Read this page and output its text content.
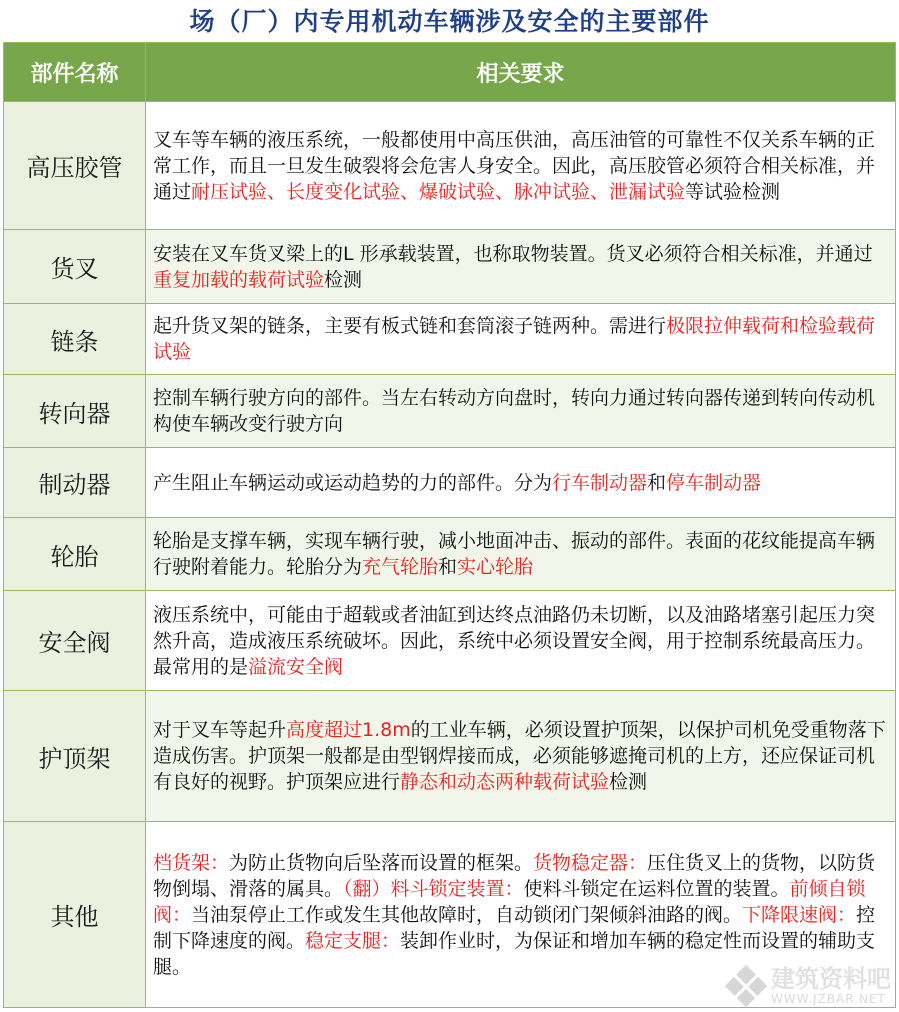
场（厂）内专用机动车辆涉及安全的主要部件
部件名称	相关要求
高压胶管	叉车等车辆的液压系统，一般都使用中高压供油，高压油管的可靠性不仅关系车辆的正常工作，而且一旦发生破裂将会危害人身安全。因此，高压胶管必须符合相关标准，并通过耐压试验、长度变化试验、爆破试验、脉冲试验、泄漏试验等试验检测
货叉	安装在叉车货叉梁上的L 形承载装置，也称取物装置。货叉必须符合相关标准，并通过重复加载的载荷试验检测
链条	起升货叉架的链条，主要有板式链和套筒滚子链两种。需进行极限拉伸载荷和检验载荷试验
转向器	控制车辆行驶方向的部件。当左右转动方向盘时，转向力通过转向器传递到转向传动机构使车辆改变行驶方向
制动器	产生阻止车辆运动或运动趋势的力的部件。分为行车制动器和停车制动器
轮胎	轮胎是支撑车辆，实现车辆行驶，减小地面冲击、振动的部件。表面的花纹能提高车辆行驶附着能力。轮胎分为充气轮胎和实心轮胎
安全阀	液压系统中，可能由于超载或者油缸到达终点油路仍未切断，以及油路堵塞引起压力突然升高，造成液压系统破坏。因此，系统中必须设置安全阀，用于控制系统最高压力。最常用的是溢流安全阀
护顶架	对于叉车等起升高度超过1.8m的工业车辆，必须设置护顶架，以保护司机免受重物落下造成伤害。护顶架一般都是由型钢焊接而成，必须能够遮掩司机的上方，还应保证司机有良好的视野。护顶架应进行静态和动态两种载荷试验检测
其他	档货架：为防止货物向后坠落而设置的框架。货物稳定器：压住货叉上的货物，以防货物倒塌、滑落的属具。（翻）料斗锁定装置：使料斗锁定在运料位置的装置。前倾自锁阀：当油泵停止工作或发生其他故障时，自动锁闭门架倾斜油路的阀。下降限速阀：控制下降速度的阀。稳定支腿：装卸作业时，为保证和增加车辆的稳定性而设置的辅助支腿。	建筑资料吧
WWW.JZBAR.NET
